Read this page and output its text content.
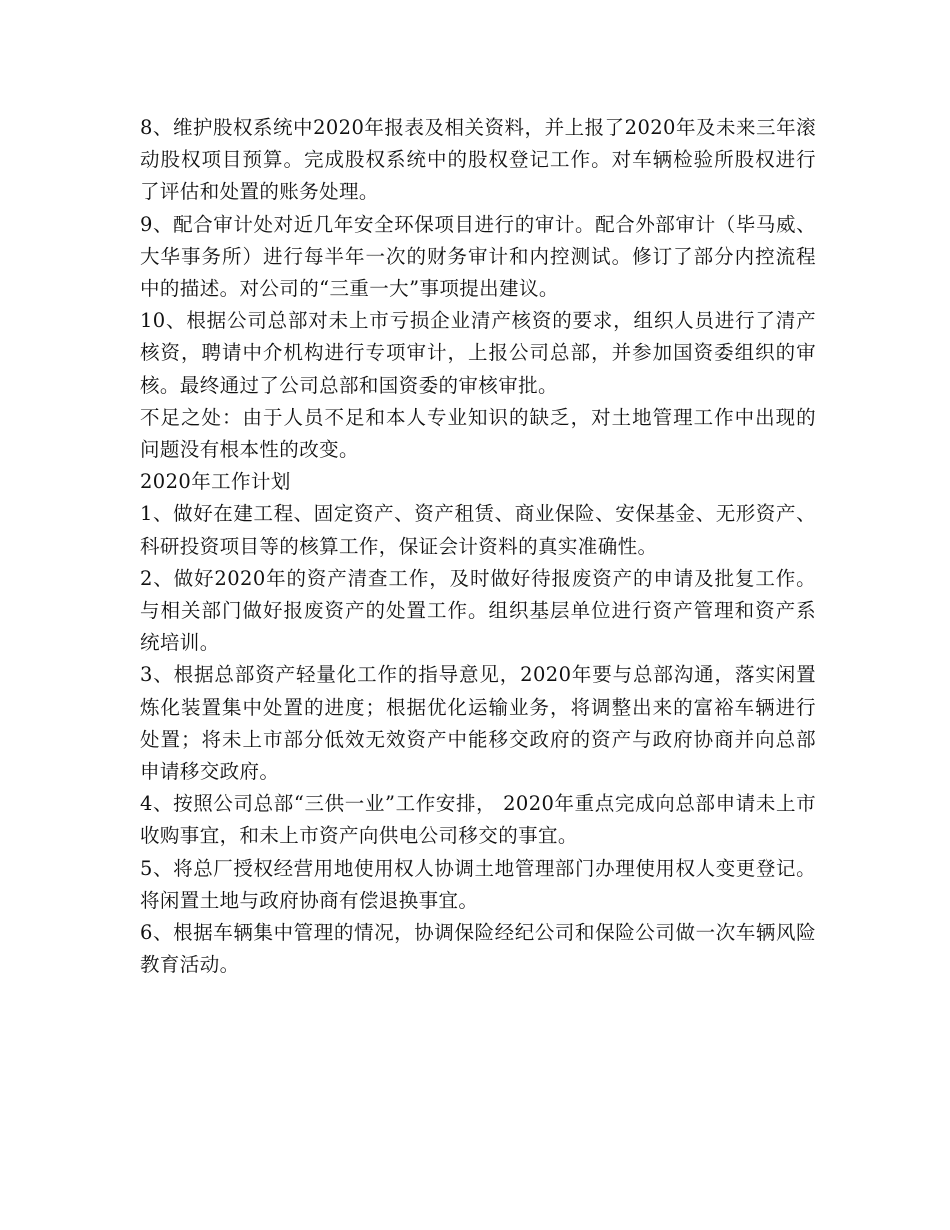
8、维护股权系统中2020年报表及相关资料，并上报了2020年及未来三年滚动股权项目预算。完成股权系统中的股权登记工作。对车辆检验所股权进行了评估和处置的账务处理。

9、配合审计处对近几年安全环保项目进行的审计。配合外部审计（毕马威、大华事务所）进行每半年一次的财务审计和内控测试。修订了部分内控流程中的描述。对公司的“三重一大”事项提出建议。

10、根据公司总部对未上市亏损企业清产核资的要求，组织人员进行了清产核资，聘请中介机构进行专项审计，上报公司总部，并参加国资委组织的审核。最终通过了公司总部和国资委的审核审批。

不足之处：由于人员不足和本人专业知识的缺乏，对土地管理工作中出现的问题没有根本性的改变。

2020年工作计划

1、做好在建工程、固定资产、资产租赁、商业保险、安保基金、无形资产、科研投资项目等的核算工作，保证会计资料的真实准确性。

2、做好2020年的资产清查工作，及时做好待报废资产的申请及批复工作。与相关部门做好报废资产的处置工作。组织基层单位进行资产管理和资产系统培训。

3、根据总部资产轻量化工作的指导意见，2020年要与总部沟通，落实闲置炼化装置集中处置的进度；根据优化运输业务，将调整出来的富裕车辆进行处置；将未上市部分低效无效资产中能移交政府的资产与政府协商并向总部申请移交政府。

4、按照公司总部“三供一业”工作安排， 2020年重点完成向总部申请未上市收购事宜，和未上市资产向供电公司移交的事宜。

5、将总厂授权经营用地使用权人协调土地管理部门办理使用权人变更登记。将闲置土地与政府协商有偿退换事宜。

6、根据车辆集中管理的情况，协调保险经纪公司和保险公司做一次车辆风险教育活动。
